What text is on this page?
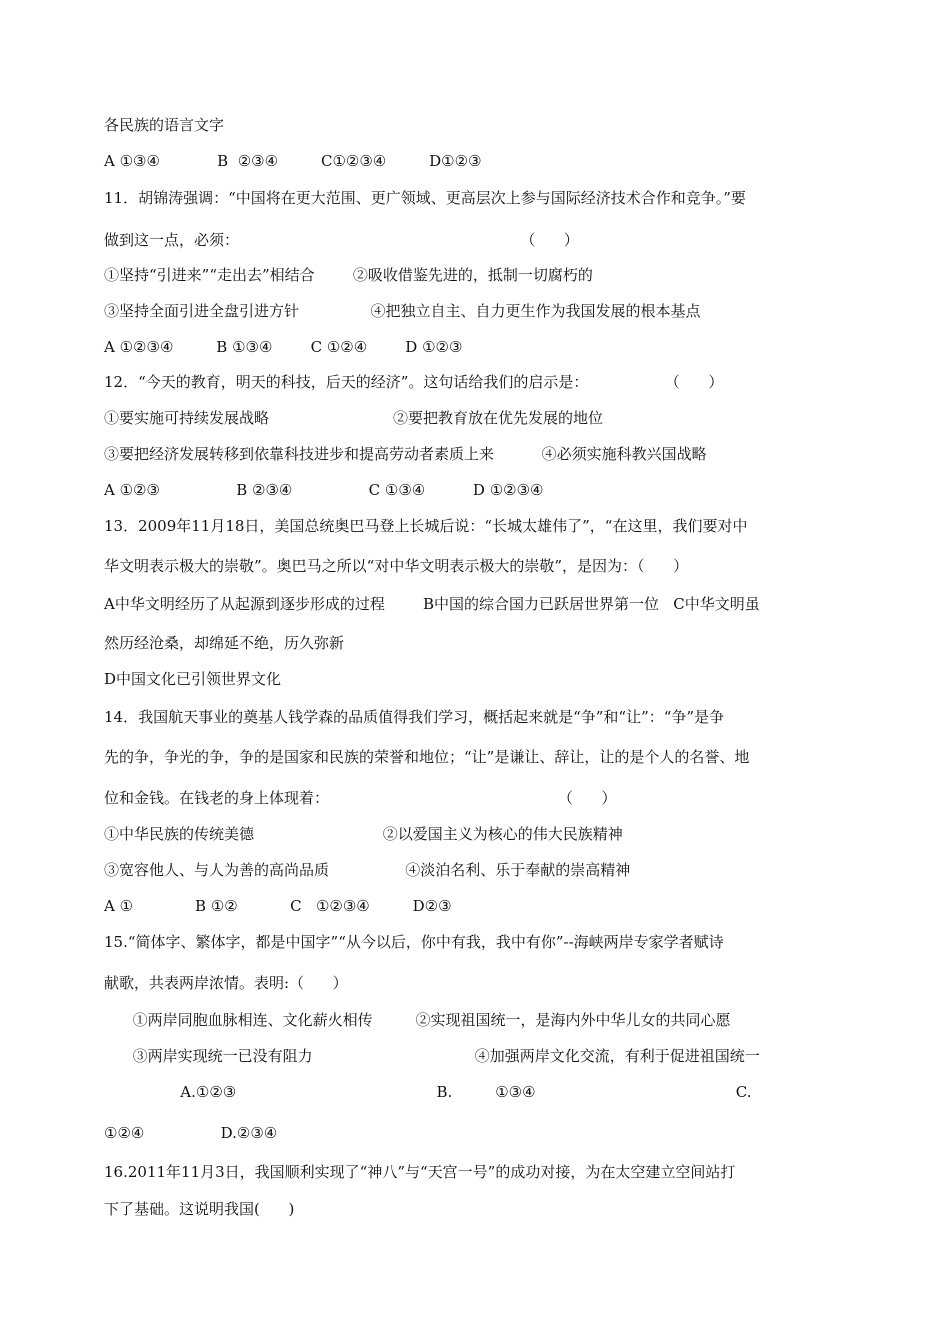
各民族的语言文字
A ①③④            B  ②③④         C①②③④         D①②③
11．胡锦涛强调：“中国将在更大范围、更广领域、更高层次上参与国际经济技术合作和竞争。”要
做到这一点，必须：                                                           （      ）
①坚持“引进来”“走出去”相结合        ②吸收借鉴先进的，抵制一切腐朽的
③坚持全面引进全盘引进方针               ④把独立自主、自力更生作为我国发展的根本基点
A ①②③④         B ①③④        C ①②④        D ①②③
12．“今天的教育，明天的科技，后天的经济”。这句话给我们的启示是：                （      ）
①要实施可持续发展战略                          ②要把教育放在优先发展的地位
③要把经济发展转移到依靠科技进步和提高劳动者素质上来          ④必须实施科教兴国战略
A ①②③                B ②③④                C ①③④          D ①②③④
13．2009年11月18日，美国总统奥巴马登上长城后说：“长城太雄伟了”，“在这里，我们要对中
华文明表示极大的崇敬”。奥巴马之所以“对中华文明表示极大的崇敬”，是因为：（      ）
A中华文明经历了从起源到逐步形成的过程        B中国的综合国力已跃居世界第一位   C中华文明虽
然历经沧桑，却绵延不绝，历久弥新
D中国文化已引领世界文化
14．我国航天事业的奠基人钱学森的品质值得我们学习，概括起来就是“争”和“让”：“争”是争
先的争，争光的争，争的是国家和民族的荣誉和地位；“让”是谦让、辞让，让的是个人的名誉、地
位和金钱。在钱老的身上体现着：                                                （      ）
①中华民族的传统美德                           ②以爱国主义为核心的伟大民族精神
③宽容他人、与人为善的高尚品质                ④淡泊名利、乐于奉献的崇高精神
A ①             B ①②           C   ①②③④         D②③
15.“简体字、繁体字，都是中国字”“从今以后，你中有我，我中有你”--海峡两岸专家学者赋诗
献歌，共表两岸浓情。表明:（      ）
①两岸同胞血脉相连、文化薪火相传         ②实现祖国统一，是海内外中华儿女的共同心愿
③两岸实现统一已没有阻力                                  ④加强两岸文化交流，有利于促进祖国统一
A.①②③                                          B.         ①③④                                          C.
①②④                D.②③④
16.2011年11月3日，我国顺利实现了“神八”与“天宫一号”的成功对接，为在太空建立空间站打
下了基础。这说明我国(      )
